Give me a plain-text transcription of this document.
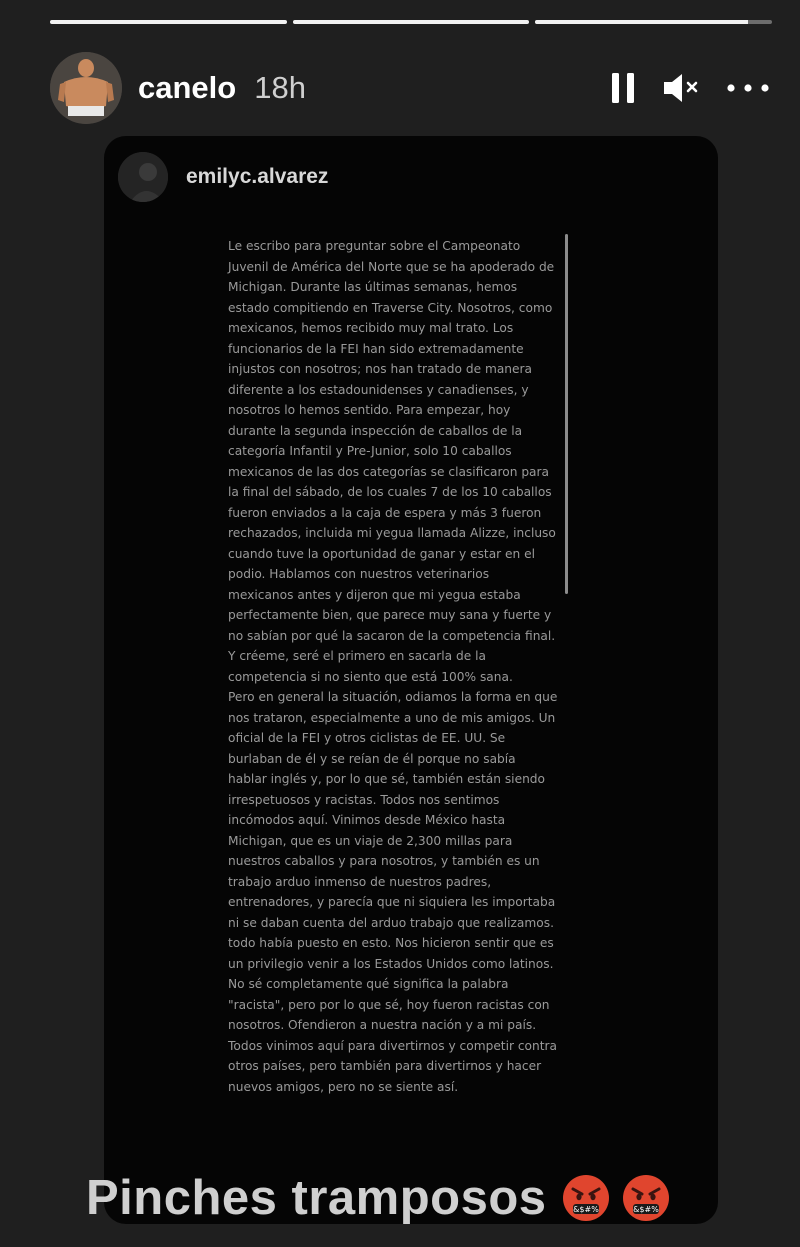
canelo 18h
emilyc.alvarez

Le escribo para preguntar sobre el Campeonato Juvenil de América del Norte que se ha apoderado de Michigan. Durante las últimas semanas, hemos estado compitiendo en Traverse City. Nosotros, como mexicanos, hemos recibido muy mal trato. Los funcionarios de la FEI han sido extremadamente injustos con nosotros; nos han tratado de manera diferente a los estadounidenses y canadienses, y nosotros lo hemos sentido. Para empezar, hoy durante la segunda inspección de caballos de la categoría Infantil y Pre-Junior, solo 10 caballos mexicanos de las dos categorías se clasificaron para la final del sábado, de los cuales 7 de los 10 caballos fueron enviados a la caja de espera y más 3 fueron rechazados, incluida mi yegua llamada Alizze, incluso cuando tuve la oportunidad de ganar y estar en el podio. Hablamos con nuestros veterinarios mexicanos antes y dijeron que mi yegua estaba perfectamente bien, que parece muy sana y fuerte y no sabían por qué la sacaron de la competencia final. Y créeme, seré el primero en sacarla de la competencia si no siento que está 100% sana.

Pero en general la situación, odiamos la forma en que nos trataron, especialmente a uno de mis amigos. Un oficial de la FEI y otros ciclistas de EE. UU. Se burlaban de él y se reían de él porque no sabía hablar inglés y, por lo que sé, también están siendo irrespetuosos y racistas. Todos nos sentimos incómodos aquí. Vinimos desde México hasta Michigan, que es un viaje de 2,300 millas para nuestros caballos y para nosotros, y también es un trabajo arduo inmenso de nuestros padres, entrenadores, y parecía que ni siquiera les importaba ni se daban cuenta del arduo trabajo que realizamos. todo había puesto en esto. Nos hicieron sentir que es un privilegio venir a los Estados Unidos como latinos. No sé completamente qué significa la palabra "racista", pero por lo que sé, hoy fueron racistas con nosotros. Ofendieron a nuestra nación y a mi país. Todos vinimos aquí para divertirnos y competir contra otros países, pero también para divertirnos y hacer nuevos amigos, pero no se siente así.

Pinches tramposos	&$#%	&$#%
